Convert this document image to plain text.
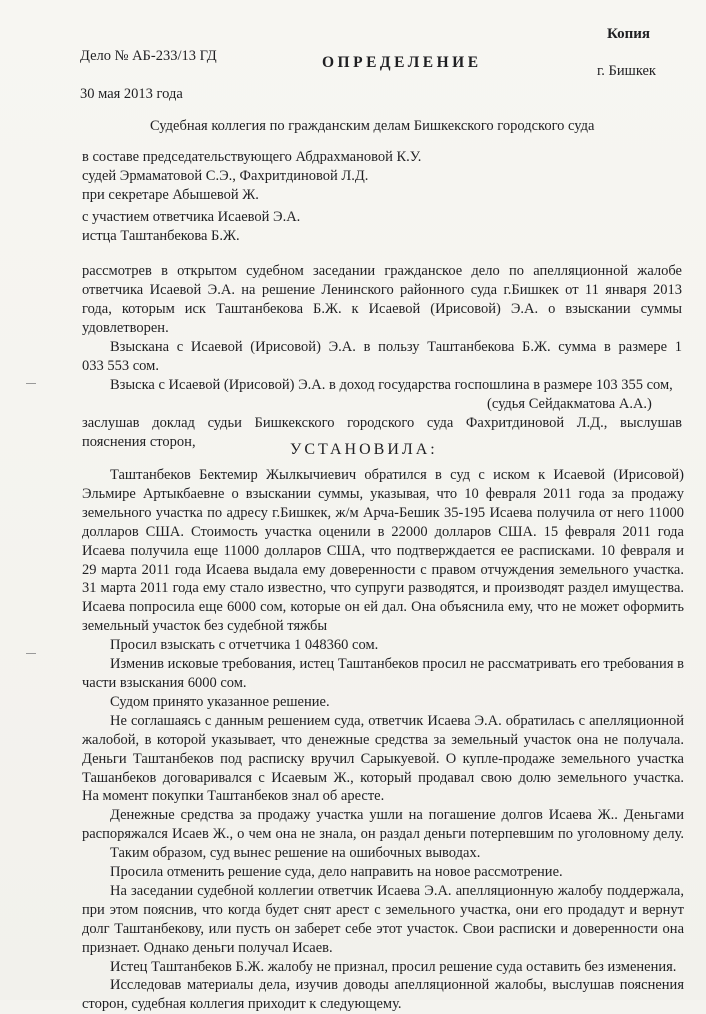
Копия
Дело № АБ-233/13 ГД	ОПРЕДЕЛЕНИЕ	г. Бишкек
30 мая 2013 года
Судебная коллегия по гражданским делам Бишкекского городского суда
в составе председательствующего Абдрахмановой К.У.
судей Эрмаматовой С.Э., Фахритдиновой Л.Д.
при секретаре Абышевой Ж.
с участием ответчика Исаевой Э.А.
истца Таштанбекова Б.Ж.
рассмотрев в открытом судебном заседании гражданское дело по апелляционной жалобе
ответчика Исаевой Э.А. на решение Ленинского районного суда г.Бишкек от 11 января 2013
года, которым иск Таштанбекова Б.Ж. к Исаевой (Ирисовой) Э.А. о взыскании суммы
удовлетворен.
Взыскана с Исаевой (Ирисовой) Э.А. в пользу Таштанбекова Б.Ж. сумма в размере 1
033 553 сом.
Взыска с Исаевой (Ирисовой) Э.А. в доход государства госпошлина в размере 103 355 сом,
(судья Сейдакматова А.А.)
заслушав доклад судьи Бишкекского городского суда Фахритдиновой Л.Д., выслушав
пояснения сторон,	УСТАНОВИЛА:
Таштанбеков Бектемир Жылкычиевич обратился в суд с иском к Исаевой (Ирисовой)
Эльмире Артыкбаевне о взыскании суммы, указывая, что 10 февраля 2011 года за продажу
земельного участка по адресу г.Бишкек, ж/м Арча-Бешик 35-195 Исаева получила от него 11000
долларов США. Стоимость участка оценили в 22000 долларов США. 15 февраля 2011 года
Исаева получила еще 11000 долларов США, что подтверждается ее расписками. 10 февраля и
29 марта 2011 года Исаева выдала ему доверенности с правом отчуждения земельного участка.
31 марта 2011 года ему стало известно, что супруги разводятся, и производят раздел имущества.
Исаева попросила еще 6000 сом, которые он ей дал. Она объяснила ему, что не может оформить
земельный участок без судебной тяжбы
Просил взыскать с отчетчика 1 048360 сом.
Изменив исковые требования, истец Таштанбеков просил не рассматривать его требования в
части взыскания 6000 сом.
Судом принято указанное решение.
Не соглашаясь с данным решением суда, ответчик Исаева Э.А. обратилась с апелляционной
жалобой, в которой указывает, что денежные средства за земельный участок она не получала.
Деньги Таштанбеков под расписку вручил Сарыкуевой. О купле-продаже земельного участка
Ташанбеков договаривался с Исаевым Ж., который продавал свою долю земельного участка.
На момент покупки Таштанбеков знал об аресте.
Денежные средства за продажу участка ушли на погашение долгов Исаева Ж.. Деньгами
распоряжался Исаев Ж., о чем она не знала, он раздал деньги потерпевшим по уголовному делу.
Таким образом, суд вынес решение на ошибочных выводах.
Просила отменить решение суда, дело направить на новое рассмотрение.
На заседании судебной коллегии ответчик Исаева Э.А. апелляционную жалобу поддержала,
при этом пояснив, что когда будет снят арест с земельного участка, они его продадут и вернут
долг Таштанбекову, или пусть он заберет себе этот участок. Свои расписки и доверенности она
признает. Однако деньги получал Исаев.
Истец Таштанбеков Б.Ж. жалобу не признал, просил решение суда оставить без изменения.
Исследовав материалы дела, изучив доводы апелляционной жалобы, выслушав пояснения
сторон, судебная коллегия приходит к следующему.
